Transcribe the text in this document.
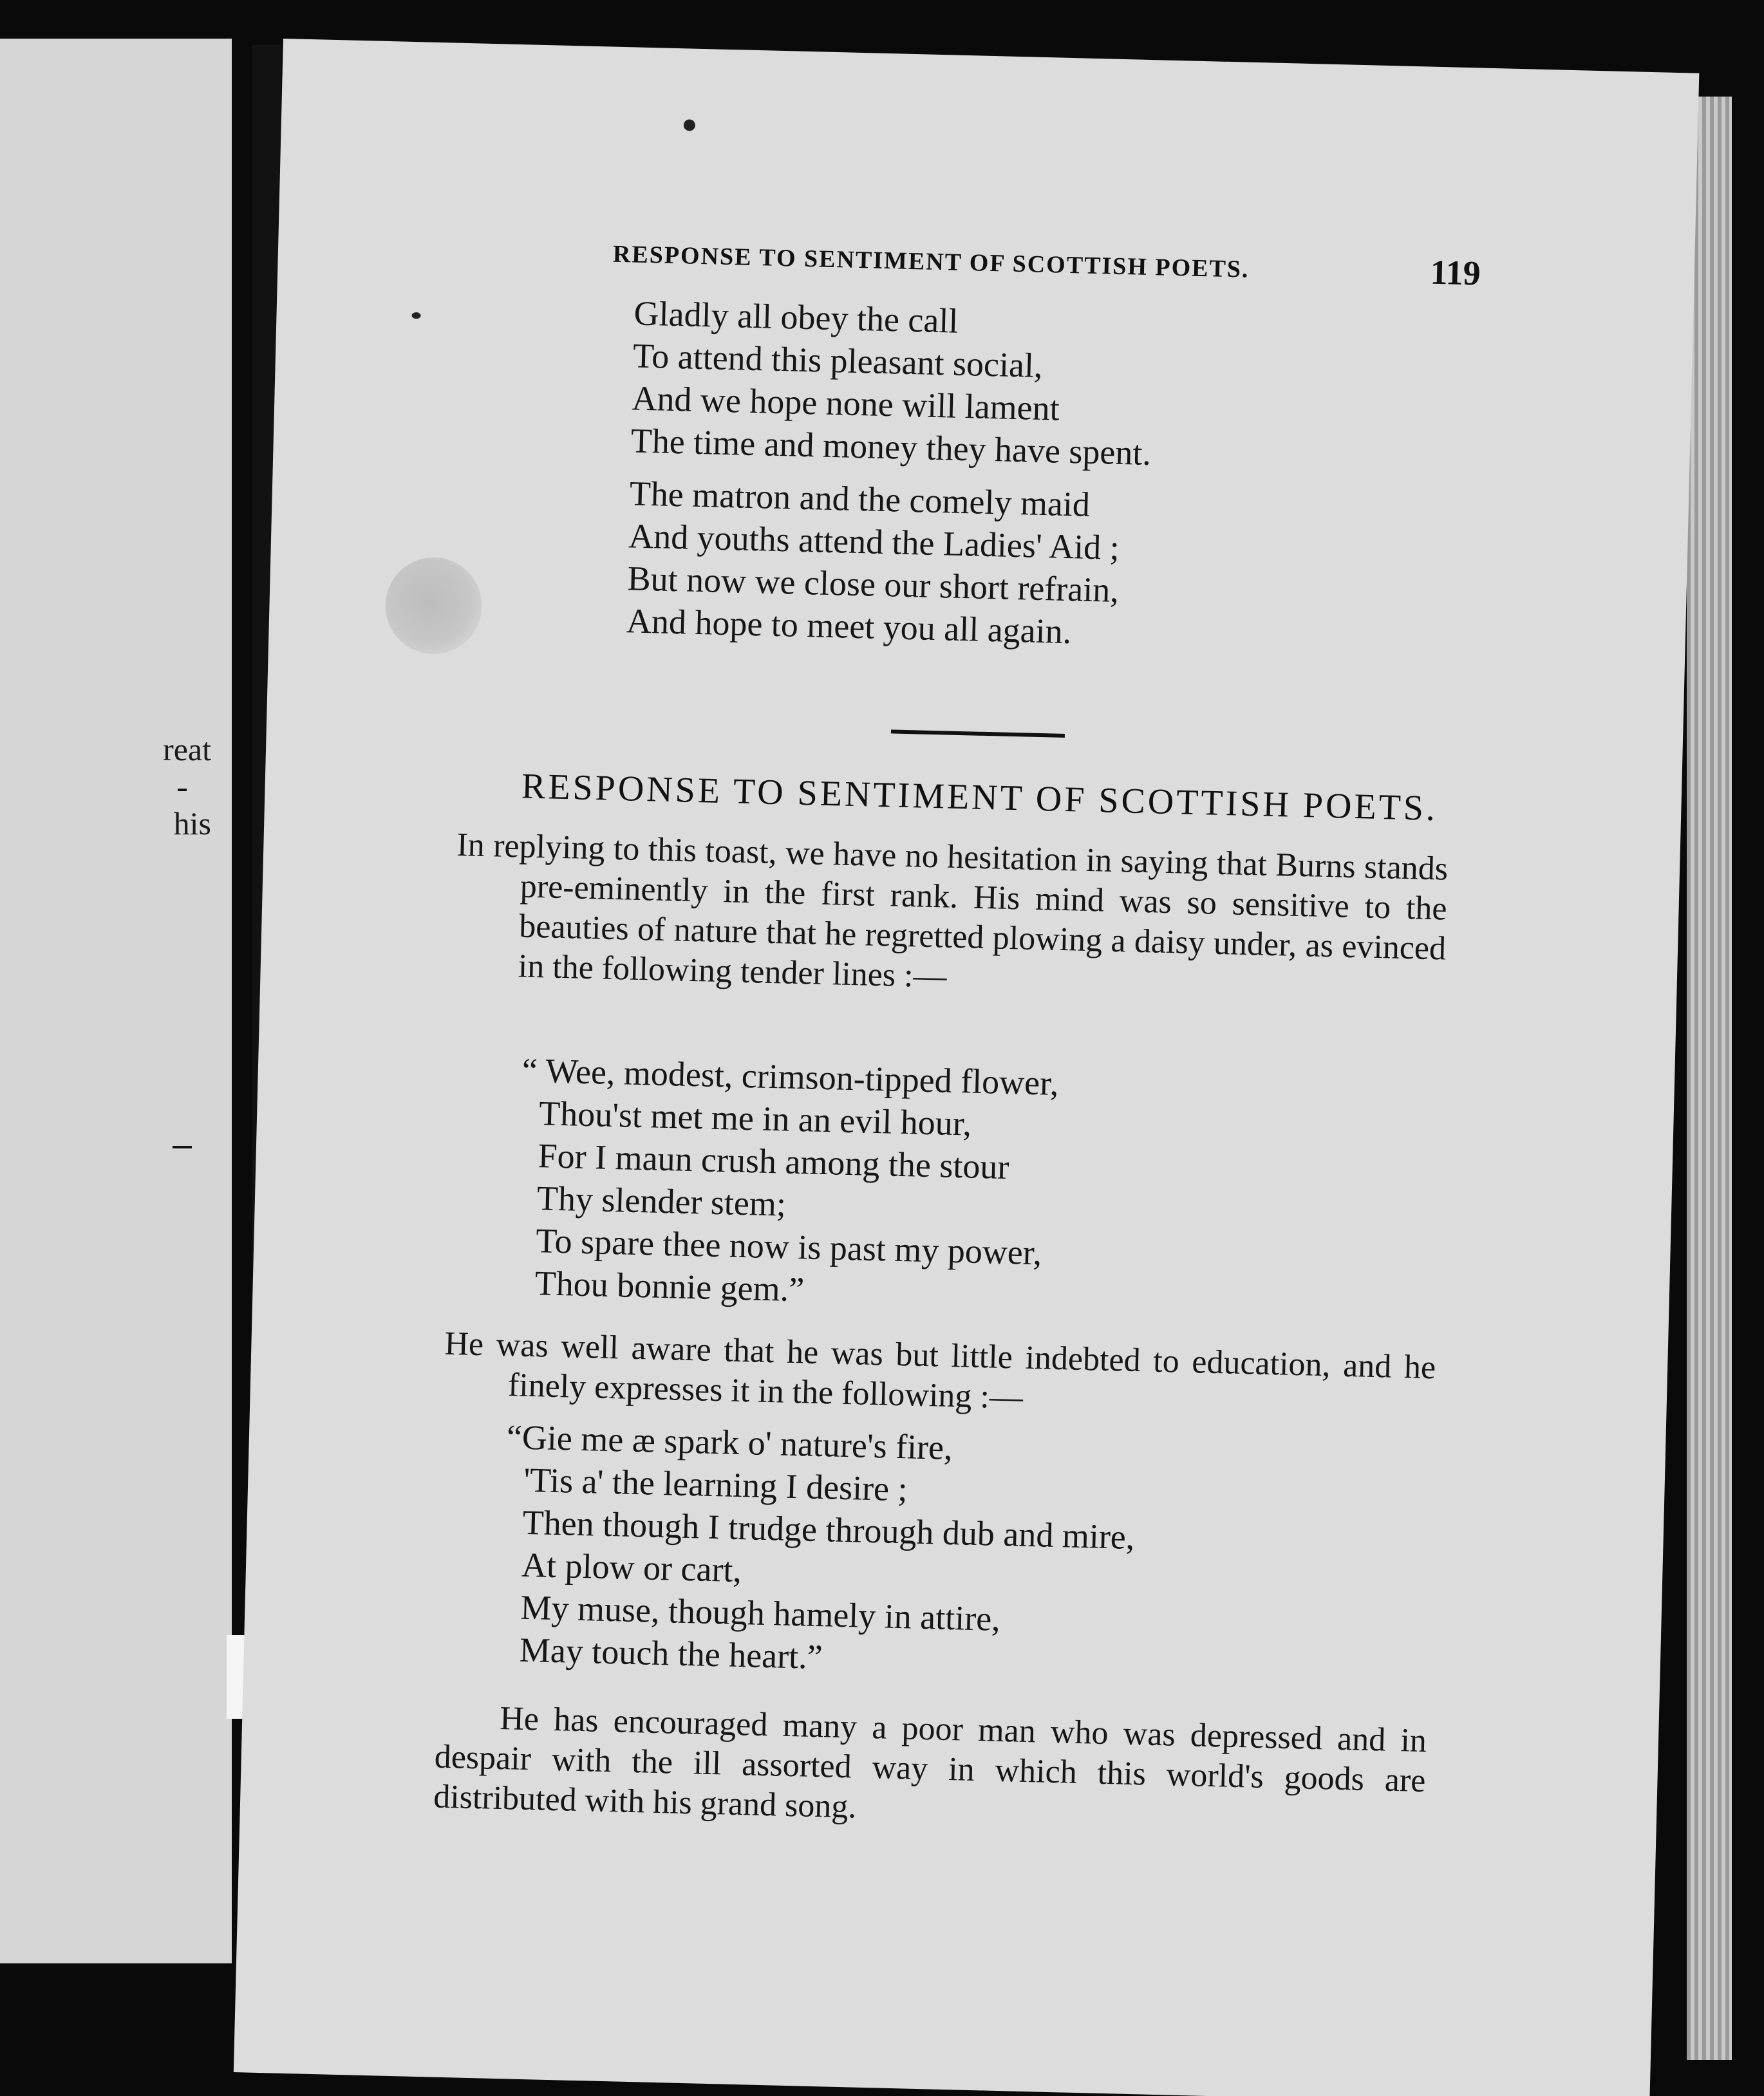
reat
his
RESPONSE TO SENTIMENT OF SCOTTISH POETS.	119
Gladly all obey the call
To attend this pleasant social,
And we hope none will lament
The time and money they have spent.
The matron and the comely maid
And youths attend the Ladies' Aid ;
But now we close our short refrain,
And hope to meet you all again.
RESPONSE TO SENTIMENT OF SCOTTISH POETS.
In replying to this toast, we have no hesitation in saying that Burns stands pre-eminently in the first rank. His mind was so sensitive to the beauties of nature that he regretted plowing a daisy under, as evinced in the following tender lines :—
“ Wee, modest, crimson-tipped flower,
Thou'st met me in an evil hour,
For I maun crush among the stour
Thy slender stem;
To spare thee now is past my power,
Thou bonnie gem.”
He was well aware that he was but little indebted to education, and he finely expresses it in the following :—
“Gie me æ spark o' nature's fire,
'Tis a' the learning I desire ;
Then though I trudge through dub and mire,
At plow or cart,
My muse, though hamely in attire,
May touch the heart.”
He has encouraged many a poor man who was depressed and in despair with the ill assorted way in which this world's goods are distributed with his grand song.
